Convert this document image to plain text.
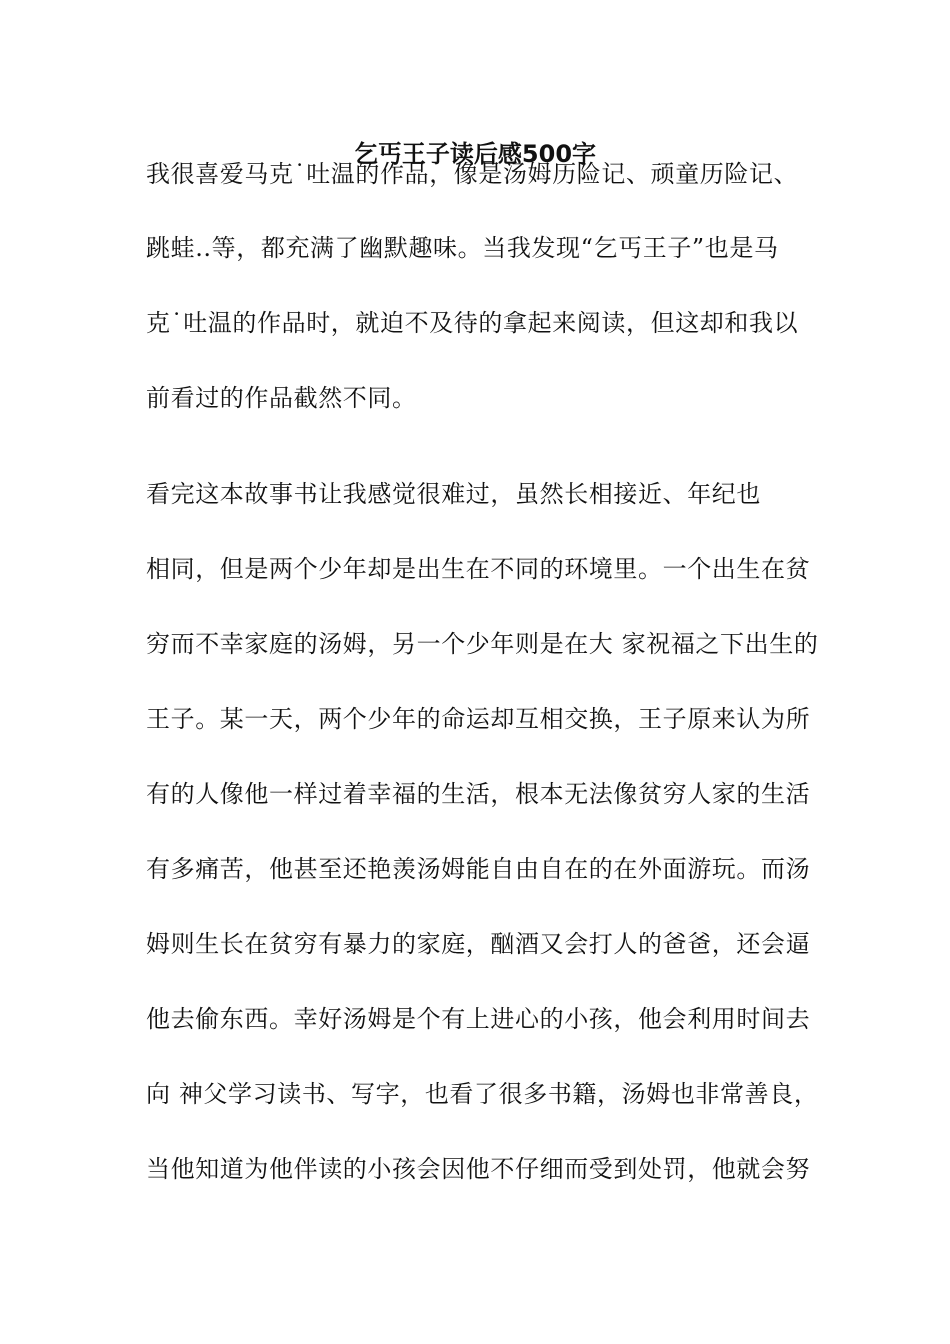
乞丐王子读后感500字
我很喜爱马克˙吐温的作品，像是汤姆历险记、顽童历险记、
跳蛙..等，都充满了幽默趣味。当我发现“乞丐王子”也是马
克˙吐温的作品时，就迫不及待的拿起来阅读，但这却和我以
前看过的作品截然不同。
看完这本故事书让我感觉很难过，虽然长相接近、年纪也
相同，但是两个少年却是出生在不同的环境里。一个出生在贫
穷而不幸家庭的汤姆，另一个少年则是在大 家祝福之下出生的
王子。某一天，两个少年的命运却互相交换，王子原来认为所
有的人像他一样过着幸福的生活，根本无法像贫穷人家的生活
有多痛苦，他甚至还艳羡汤姆能自由自在的在外面游玩。而汤
姆则生长在贫穷有暴力的家庭，酗酒又会打人的爸爸，还会逼
他去偷东西。幸好汤姆是个有上进心的小孩，他会利用时间去
向 神父学习读书、写字，也看了很多书籍，汤姆也非常善良，
当他知道为他伴读的小孩会因他不仔细而受到处罚，他就会努
